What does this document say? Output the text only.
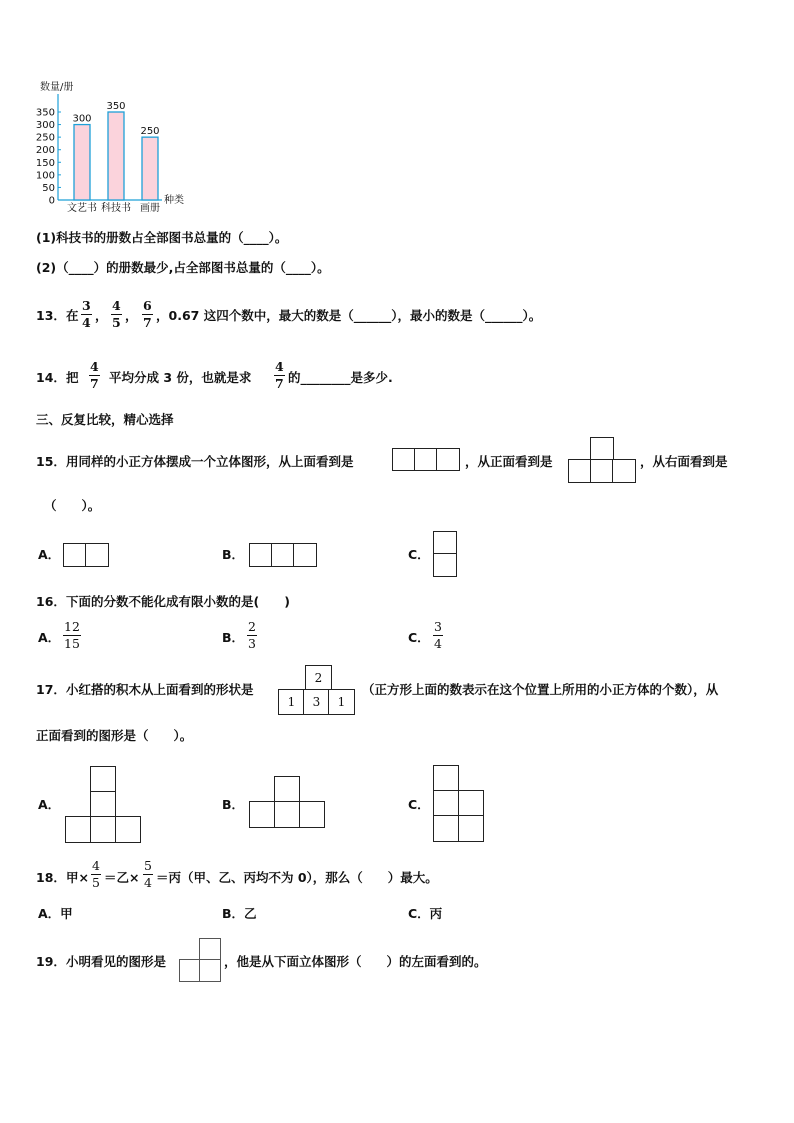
数量/册
0
50
100
150
200
250
300
350
300
文艺书
350
科技书
250
画册
种类
(1)科技书的册数占全部图书总量的（____）。
(2)（____）的册数最少,占全部图书总量的（____）。
13． 在 $\frac{3}{4}$ ， $\frac{4}{5}$ ， $\frac{6}{7}$ ，0.67 这四个数中，最大的数是（______），最小的数是（______）。
14． 把 $\frac{4}{7}$ 平均分成 3 份，也就是求 $\frac{4}{7}$ 的________是多少.
三、反复比较，精心选择
15． 用同样的小正方体摆成一个立体图形，从上面看到是	，从正面看到是	，从右面看到是
（　　）。
A．	B．	C．
16． 下面的分数不能化成有限小数的是(　　)
A． $\frac{12}{15}$	B． $\frac{2}{3}$	C． $\frac{3}{4}$
17． 小红搭的积木从上面看到的形状是
2
1	3	1
（正方形上面的数表示在这个位置上所用的小正方体的个数），从
正面看到的图形是（　　）。
A．	B．	C．
18． 甲× $\frac{4}{5}$ ＝乙× $\frac{5}{4}$ ＝丙（甲、乙、丙均不为 0），那么（　　）最大。
A．甲	B．乙	C．丙
19． 小明看见的图形是	，他是从下面立体图形（　　）的左面看到的。
